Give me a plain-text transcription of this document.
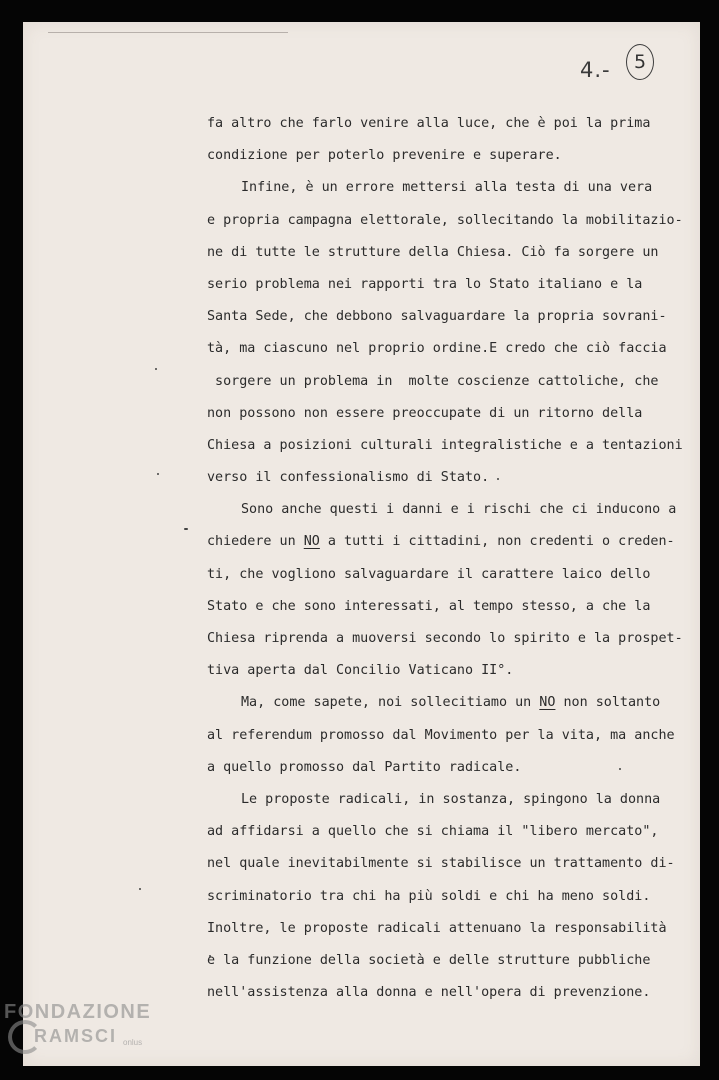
4.-	5
fa altro che farlo venire alla luce, che è poi la prima
condizione per poterlo prevenire e superare.
Infine, è un errore mettersi alla testa di una vera
e propria campagna elettorale, sollecitando la mobilitazio-
ne di tutte le strutture della Chiesa. Ciò fa sorgere un
serio problema nei rapporti tra lo Stato italiano e la
Santa Sede, che debbono salvaguardare la propria sovrani-
tà, ma ciascuno nel proprio ordine.E credo che ciò faccia
sorgere un problema in  molte coscienze cattoliche, che
non possono non essere preoccupate di un ritorno della
Chiesa a posizioni culturali integralistiche e a tentazioni
verso il confessionalismo di Stato.
Sono anche questi i danni e i rischi che ci inducono a
chiedere un NO a tutti i cittadini, non credenti o creden-
ti, che vogliono salvaguardare il carattere laico dello
Stato e che sono interessati, al tempo stesso, a che la
Chiesa riprenda a muoversi secondo lo spirito e la prospet-
tiva aperta dal Concilio Vaticano II°.
Ma, come sapete, noi sollecitiamo un NO non soltanto
al referendum promosso dal Movimento per la vita, ma anche
a quello promosso dal Partito radicale.
Le proposte radicali, in sostanza, spingono la donna
ad affidarsi a quello che si chiama il "libero mercato",
nel quale inevitabilmente si stabilisce un trattamento di-
scriminatorio tra chi ha più soldi e chi ha meno soldi.
Inoltre, le proposte radicali attenuano la responsabilità
e la funzione della società e delle strutture pubbliche
nell'assistenza alla donna e nell'opera di prevenzione.
FONDAZIONE
RAMSCI onlus
